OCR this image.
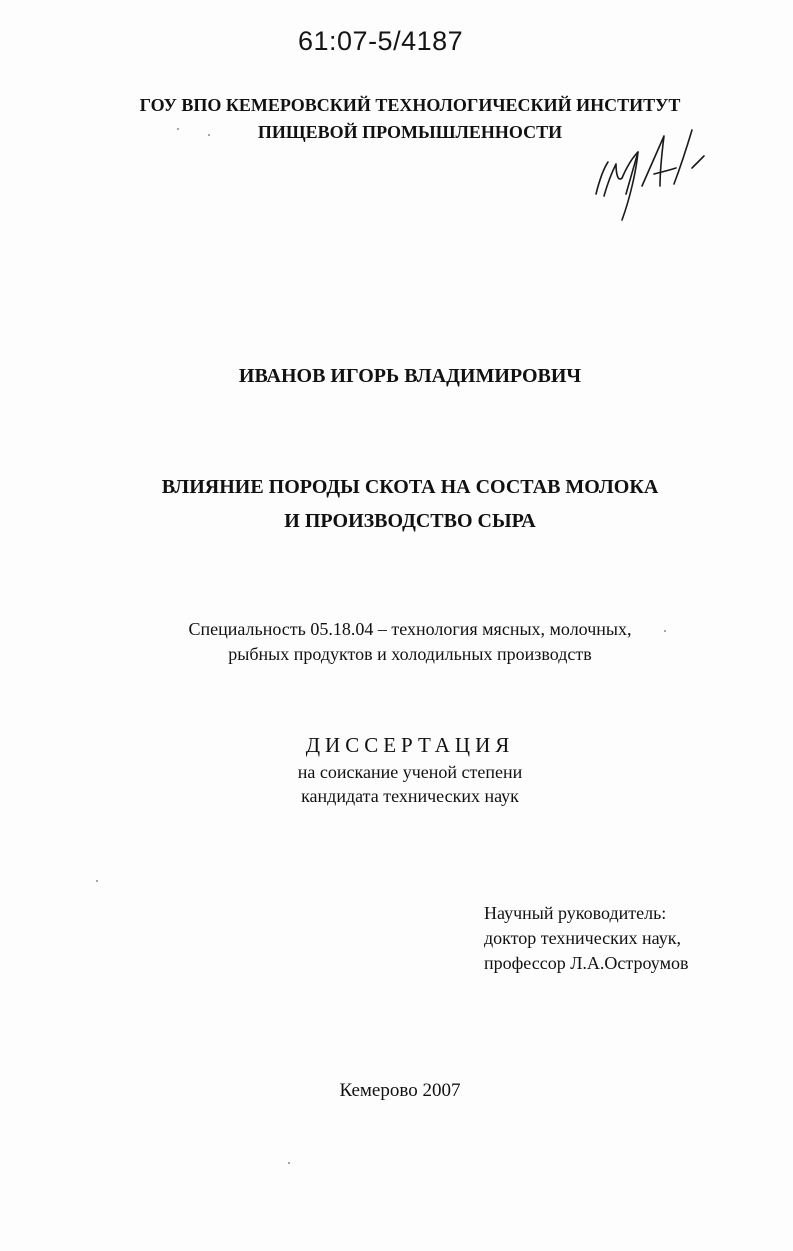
61:07-5/4187
ГОУ ВПО КЕМЕРОВСКИЙ ТЕХНОЛОГИЧЕСКИЙ ИНСТИТУТ
ПИЩЕВОЙ ПРОМЫШЛЕННОСТИ
ИВАНОВ ИГОРЬ ВЛАДИМИРОВИЧ
ВЛИЯНИЕ ПОРОДЫ СКОТА НА СОСТАВ МОЛОКА
И ПРОИЗВОДСТВО СЫРА
Специальность 05.18.04 – технология мясных, молочных,
рыбных продуктов и холодильных производств
ДИССЕРТАЦИЯ
на соискание ученой степени
кандидата технических наук
Научный руководитель:
доктор технических наук,
профессор Л.А.Остроумов
Кемерово 2007
